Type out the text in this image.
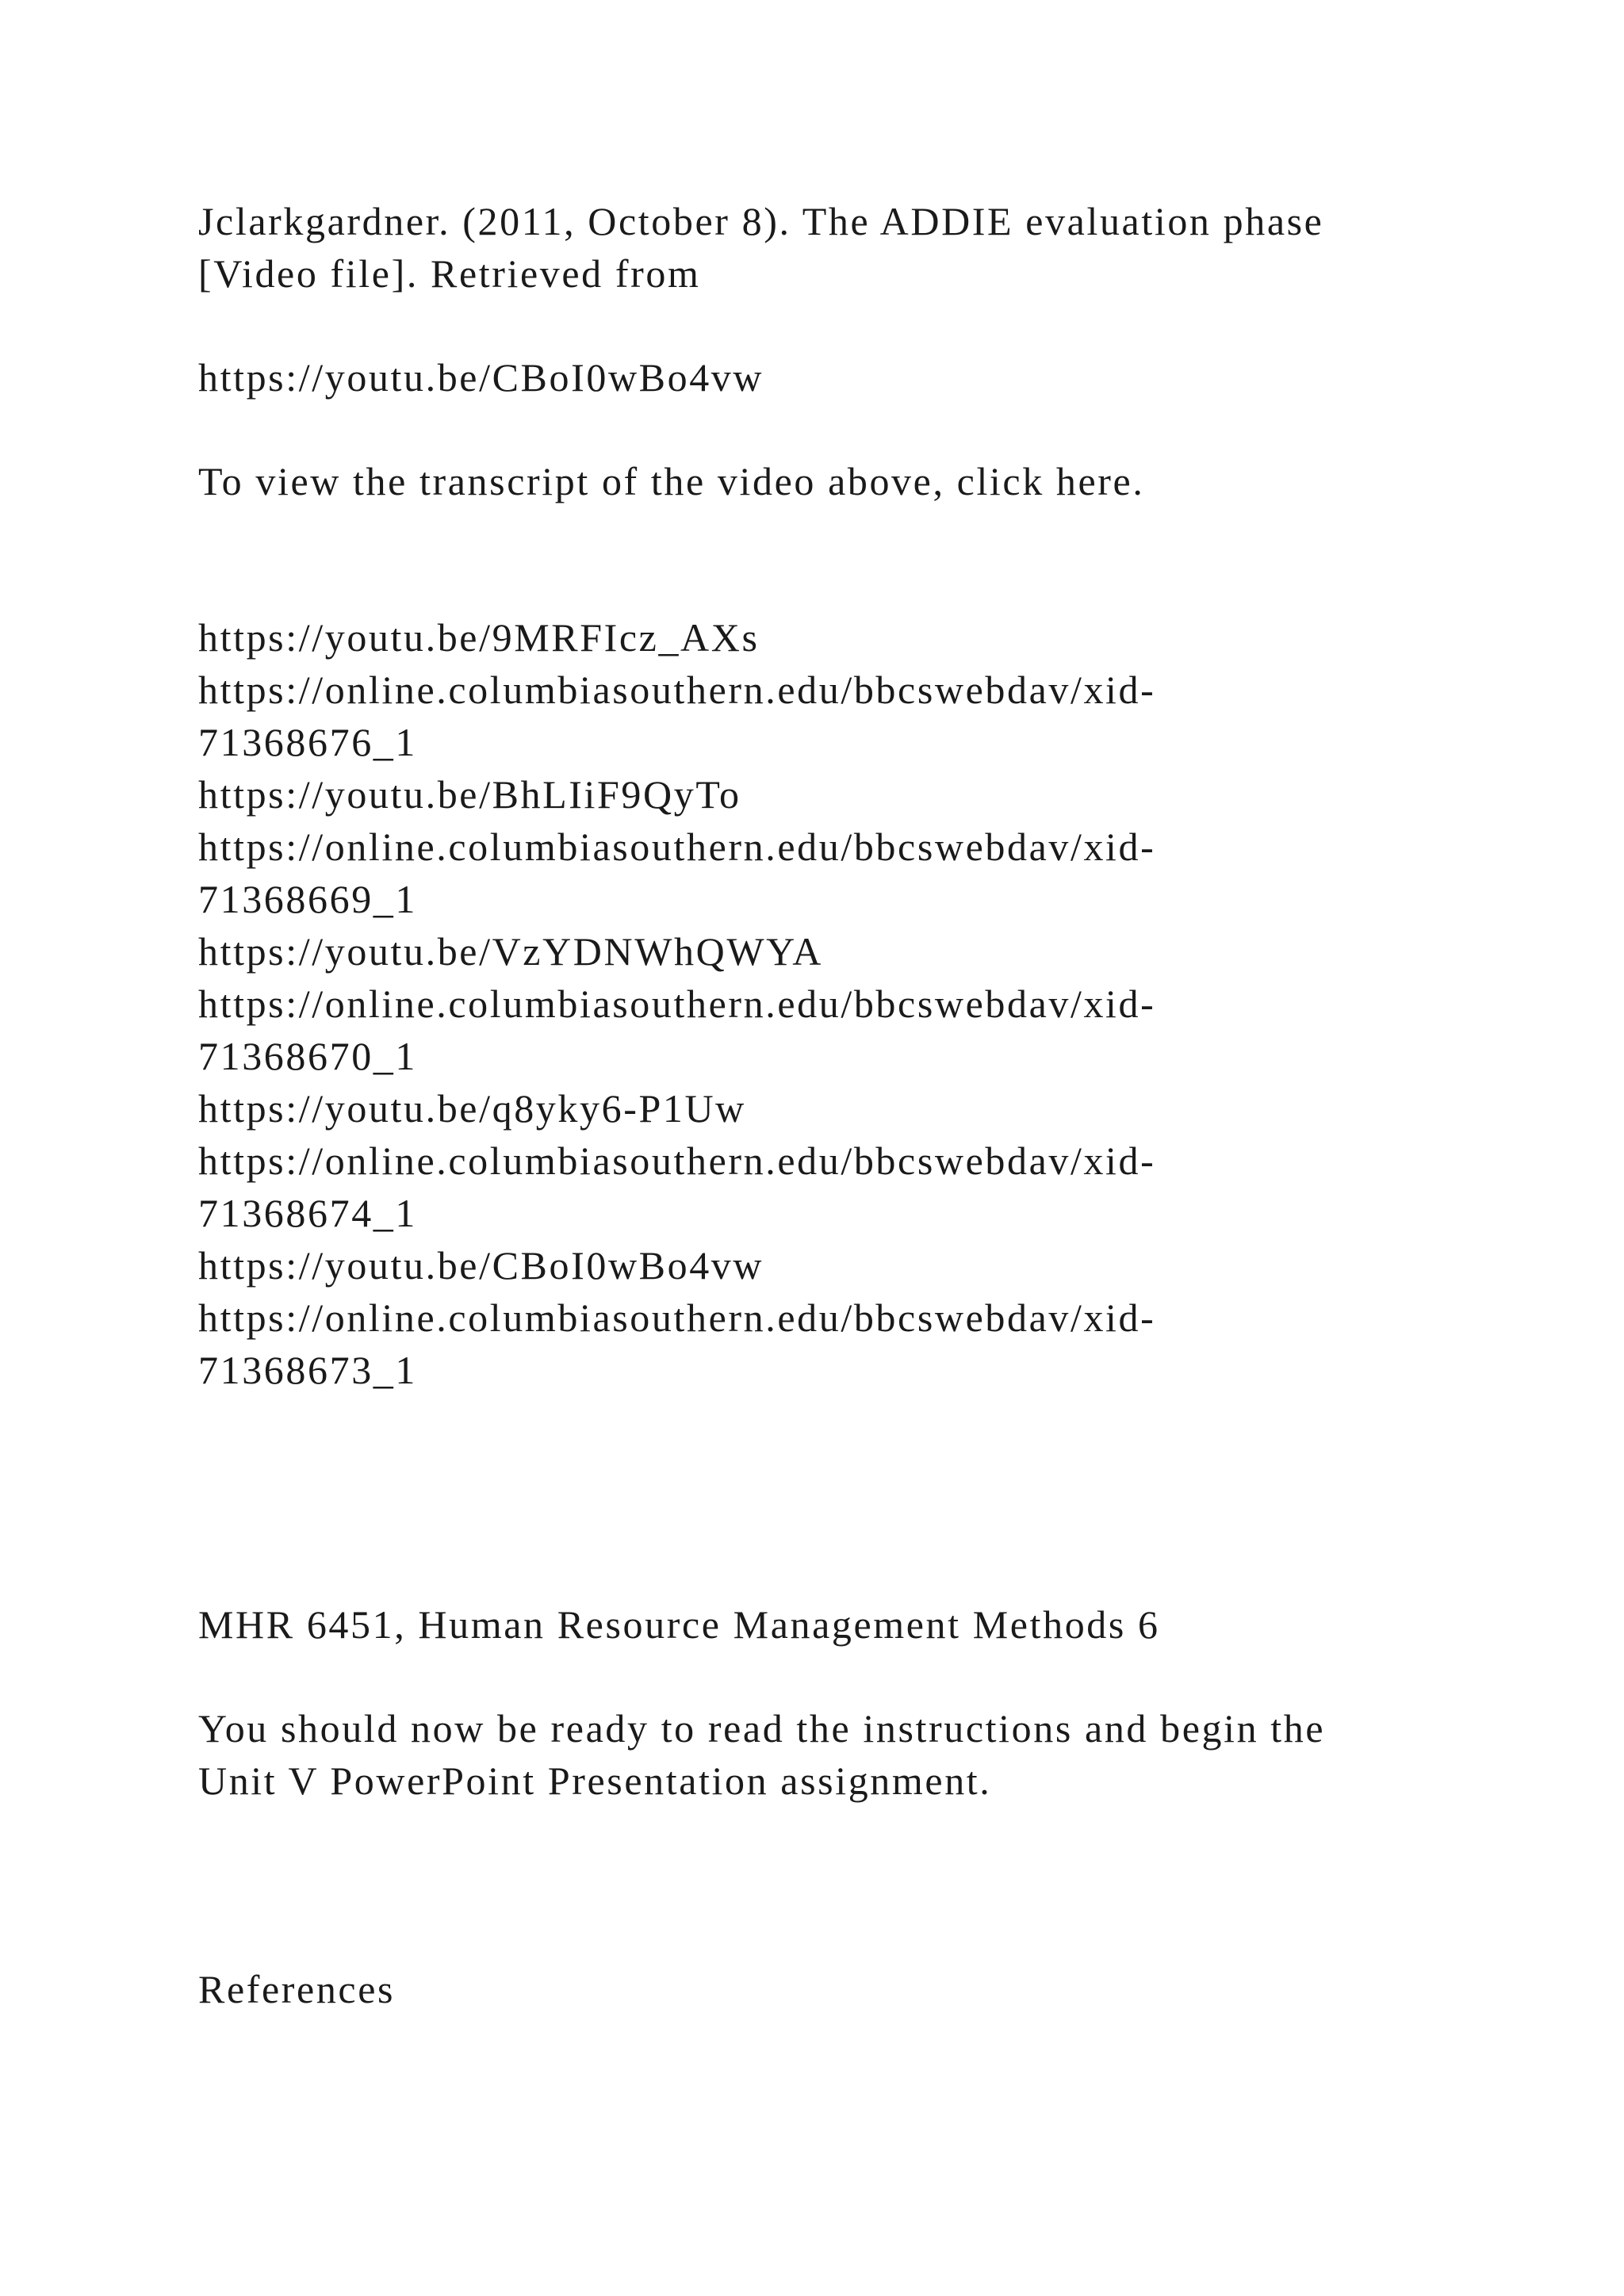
Jclarkgardner. (2011, October 8). The ADDIE evaluation phase
[Video file]. Retrieved from
https://youtu.be/CBoI0wBo4vw
To view the transcript of the video above, click here.
https://youtu.be/9MRFIcz_AXs
https://online.columbiasouthern.edu/bbcswebdav/xid-
71368676_1
https://youtu.be/BhLIiF9QyTo
https://online.columbiasouthern.edu/bbcswebdav/xid-
71368669_1
https://youtu.be/VzYDNWhQWYA
https://online.columbiasouthern.edu/bbcswebdav/xid-
71368670_1
https://youtu.be/q8yky6-P1Uw
https://online.columbiasouthern.edu/bbcswebdav/xid-
71368674_1
https://youtu.be/CBoI0wBo4vw
https://online.columbiasouthern.edu/bbcswebdav/xid-
71368673_1
MHR 6451, Human Resource Management Methods 6
You should now be ready to read the instructions and begin the
Unit V PowerPoint Presentation assignment.
References
